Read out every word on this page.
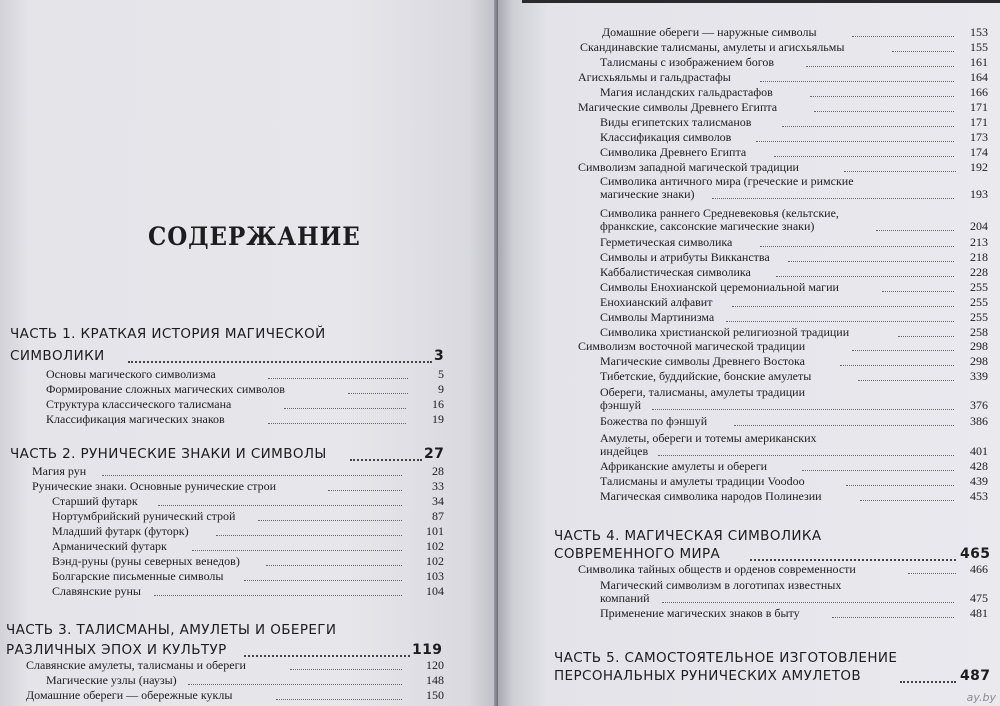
СОДЕРЖАНИЕ
ЧАСТЬ 1. КРАТКАЯ ИСТОРИЯ МАГИЧЕСКОЙ
СИМВОЛИКИ	3
Основы магического символизма	5
Формирование сложных магических символов	9
Структура классического талисмана	16
Классификация магических знаков	19
ЧАСТЬ 2. РУНИЧЕСКИЕ ЗНАКИ И СИМВОЛЫ	27
Магия рун	28
Рунические знаки. Основные рунические строи	33
Старший футарк	34
Нортумбрийский рунический строй	87
Младший футарк (футорк)	101
Арманический футарк	102
Вэнд-руны (руны северных венедов)	102
Болгарские письменные символы	103
Славянские руны	104
ЧАСТЬ 3. ТАЛИСМАНЫ, АМУЛЕТЫ И ОБЕРЕГИ
РАЗЛИЧНЫХ ЭПОХ И КУЛЬТУР	119
Славянские амулеты, талисманы и обереги	120
Магические узлы (наузы)	148
Домашние обереги — обережные куклы	150
Домашние обереги — наружные символы	153
Скандинавские талисманы, амулеты и агисхьяльмы	155
Талисманы с изображением богов	161
Агисхьяльмы и гальдрастафы	164
Магия исландских гальдрастафов	166
Магические символы Древнего Египта	171
Виды египетских талисманов	171
Классификация символов	173
Символика Древнего Египта	174
Символизм западной магической традиции	192
Символика античного мира (греческие и римские
магические знаки)	193
Символика раннего Средневековья (кельтские,
франкские, саксонские магические знаки)	204
Герметическая символика	213
Символы и атрибуты Викканства	218
Каббалистическая символика	228
Символы Енохианской церемониальной магии	255
Енохианский алфавит	255
Символы Мартинизма	255
Символика христианской религиозной традиции	258
Символизм восточной магической традиции	298
Магические символы Древнего Востока	298
Тибетские, буддийские, бонские амулеты	339
Обереги, талисманы, амулеты традиции
фэншуй	376
Божества по фэншуй	386
Амулеты, обереги и тотемы американских
индейцев	401
Африканские амулеты и обереги	428
Талисманы и амулеты традиции Voodoo	439
Магическая символика народов Полинезии	453
ЧАСТЬ 4. МАГИЧЕСКАЯ СИМВОЛИКА
СОВРЕМЕННОГО МИРА	465
Символика тайных обществ и орденов современности	466
Магический символизм в логотипах известных
компаний	475
Применение магических знаков в быту	481
ЧАСТЬ 5. САМОСТОЯТЕЛЬНОЕ ИЗГОТОВЛЕНИЕ
ПЕРСОНАЛЬНЫХ РУНИЧЕСКИХ АМУЛЕТОВ	487
ay.by
